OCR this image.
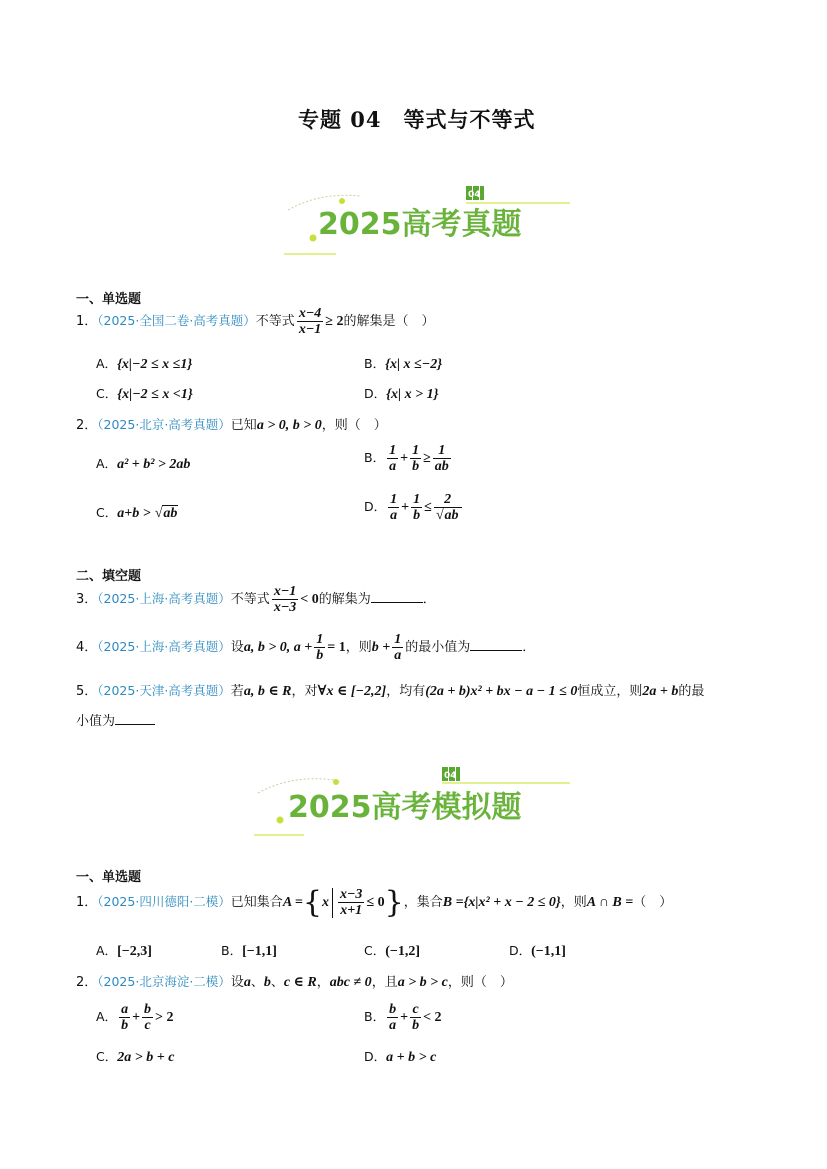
专题 04 等式与不等式
04
2025高考真题
一、单选题
1．（2025·全国二卷·高考真题）不等式 $\frac{x-4}{x-1} \ge 2$的解集是（　）
A．{x|−2 ≤ x ≤1}	B．{x| x ≤−2}
C．{x|−2 ≤ x <1}	D．{x| x > 1}
2．（2025·北京·高考真题）已知a > 0, b > 0，则（　）
A．a² + b² > 2ab	B． $\frac{1}{a} + \frac{1}{b} \ge \frac{1}{ab}$
C．a+b > √ab	D． $\frac{1}{a} + \frac{1}{b} \le \frac{2}{√ab}$
二、填空题
3．（2025·上海·高考真题）不等式 $\frac{x-1}{x-3} < 0$的解集为	．
4．（2025·上海·高考真题）设a, b > 0, $a + \frac{1}{b} = 1$，则$b + \frac{1}{a}$ 的最小值为	．
5．（2025·天津·高考真题）若a, b ∈ R，对∀x ∈ [−2,2]，均有(2a + b)x² + bx − a − 1 ≤ 0恒成立，则2a + b的最
小值为
04
2025高考模拟题
一、单选题
1．（2025·四川德阳·二模）已知集合$A =\{x \frac{x-3}{x+1} \le 0\}$，集合B ={x|x² + x − 2 ≤ 0}，则A ∩ B =（　）
A．[−2,3]	B．[−1,1]	C．(−1,2]	D．(−1,1]
2．（2025·北京海淀·二模）设a、b、c ∈ R，abc ≠ 0，且a > b > c，则（　）
A． $\frac{a}{b} + \frac{b}{c} > 2$	B． $\frac{b}{a} + \frac{c}{b} < 2$
C．2a > b + c	D．a + b > c
